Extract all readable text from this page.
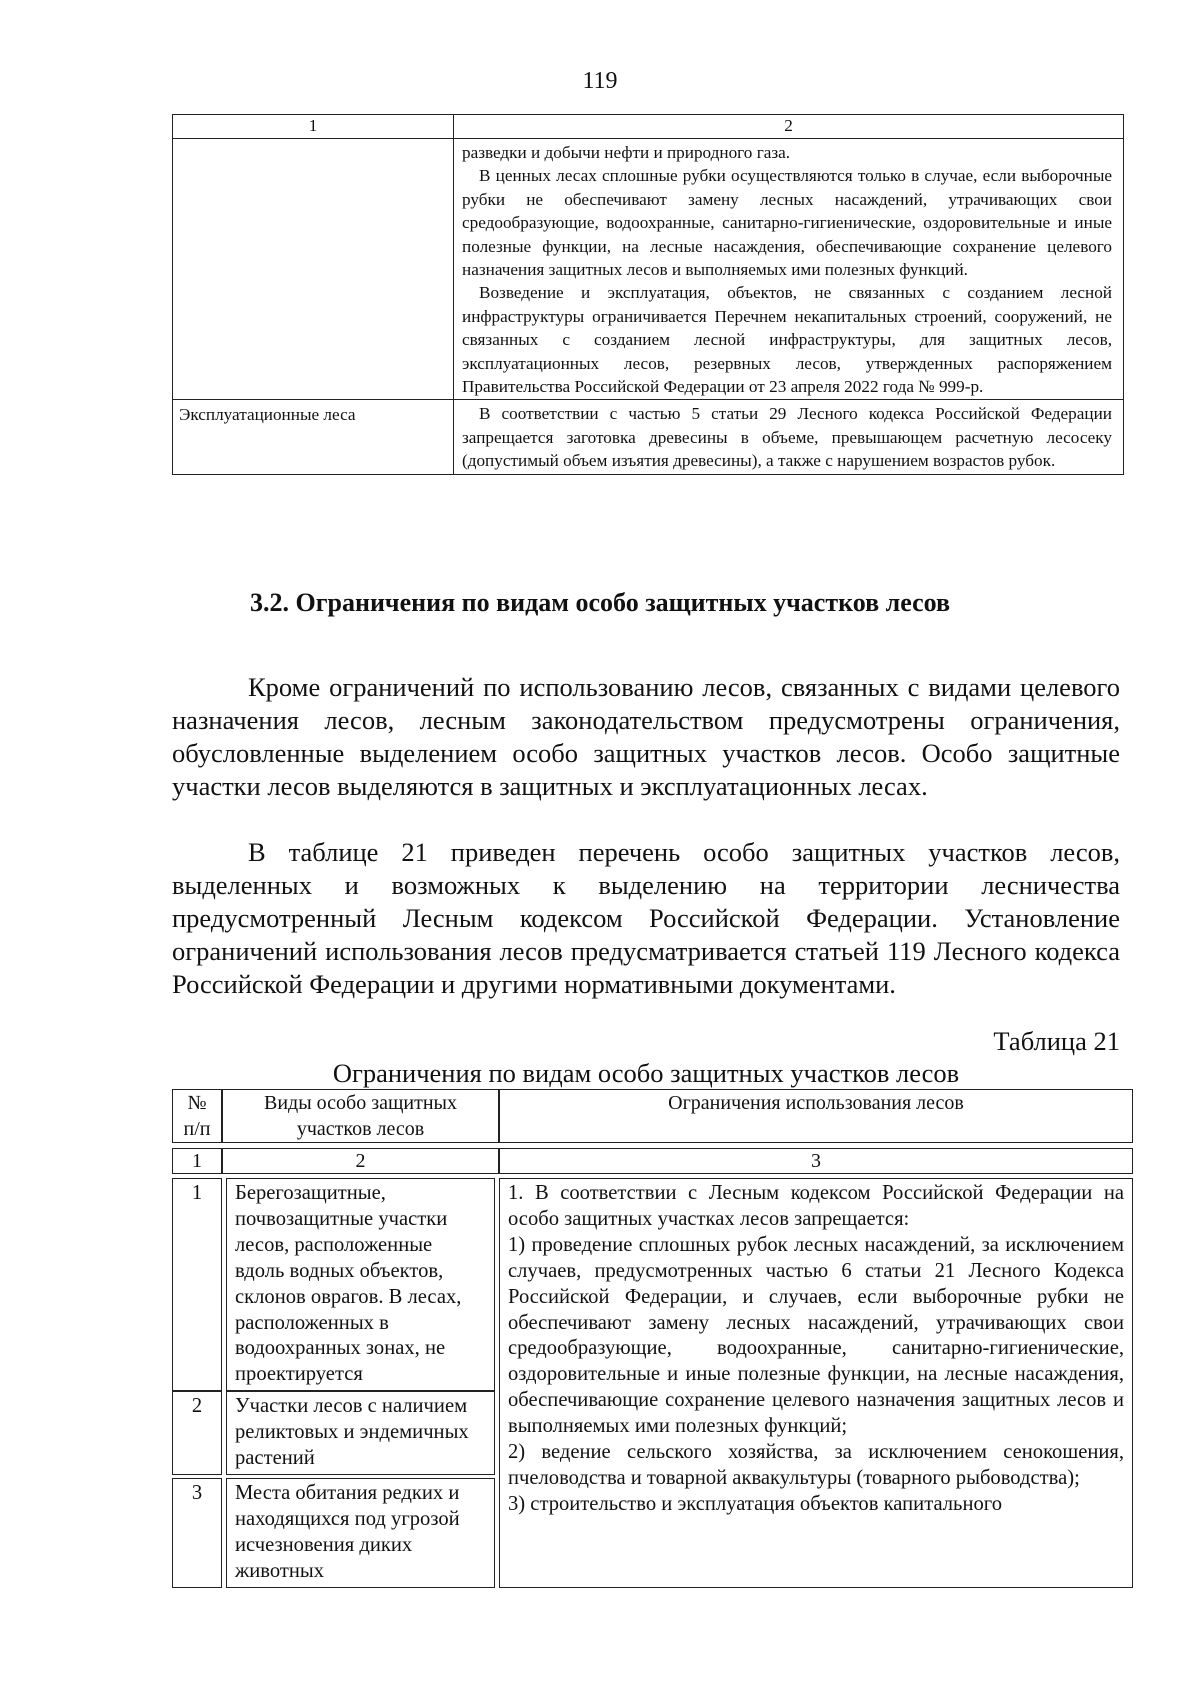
119
1	2

	разведки и добычи нефти и природного газа.

В ценных лесах сплошные рубки осуществляются только в случае, если выборочные рубки не обеспечивают замену лесных насаждений, утрачивающих свои средообразующие, водоохранные, санитарно-гигиенические, оздоровительные и иные полезные функции, на лесные насаждения, обеспечивающие сохранение целевого назначения защитных лесов и выполняемых ими полезных функций.

Возведение и эксплуатация, объектов, не связанных с созданием лесной инфраструктуры ограничивается Перечнем некапитальных строений, сооружений, не связанных с созданием лесной инфраструктуры, для защитных лесов, эксплуатационных лесов, резервных лесов, утвержденных распоряжением Правительства Российской Федерации от 23 апреля 2022 года № 999-р.

Эксплуатационные леса	В соответствии с частью 5 статьи 29 Лесного кодекса Российской Федерации запрещается заготовка древесины в объеме, превышающем расчетную лесосеку (допустимый объем изъятия древесины), а также с нарушением возрастов рубок.

3.2. Ограничения по видам особо защитных участков лесов

Кроме ограничений по использованию лесов, связанных с видами целевого назначения лесов, лесным законодательством предусмотрены ограничения, обусловленные выделением особо защитных участков лесов. Особо защитные участки лесов выделяются в защитных и эксплуатационных лесах.

В таблице 21 приведен перечень особо защитных участков лесов, выделенных и возможных к выделению на территории лесничества предусмотренный Лесным кодексом Российской Федерации. Установление ограничений использования лесов предусматривается статьей 119 Лесного кодекса Российской Федерации и другими нормативными документами.

Таблица 21
Ограничения по видам особо защитных участков лесов
№
п/п	Виды особо защитных участков лесов			Ограничения использования лесов

1	2			3

1		Берегозащитные, почвозащитные участки лесов, расположенные вдоль водных объектов, склонов оврагов. В лесах, расположенных в водоохранных зонах, не проектируется		1. В соответствии с Лесным кодексом Российской Федерации на особо защитных участках лесов запрещается:

1) проведение сплошных рубок лесных насаждений, за исключением случаев, предусмотренных частью 6 статьи 21 Лесного Кодекса Российской Федерации, и случаев, если выборочные рубки не обеспечивают замену лесных насаждений, утрачивающих свои средообразующие, водоохранные, санитарно-гигиенические, оздоровительные и иные полезные функции, на лесные насаждения, обеспечивающие сохранение целевого назначения защитных лесов и выполняемых ими полезных функций;

2) ведение сельского хозяйства, за исключением сенокошения, пчеловодства и товарной аквакультуры (товарного рыбоводства);

3) строительство и эксплуатация объектов капитального

2		Участки лесов с наличием реликтовых и эндемичных растений		

3		Места обитания редких и находящихся под угрозой исчезновения диких животных		
